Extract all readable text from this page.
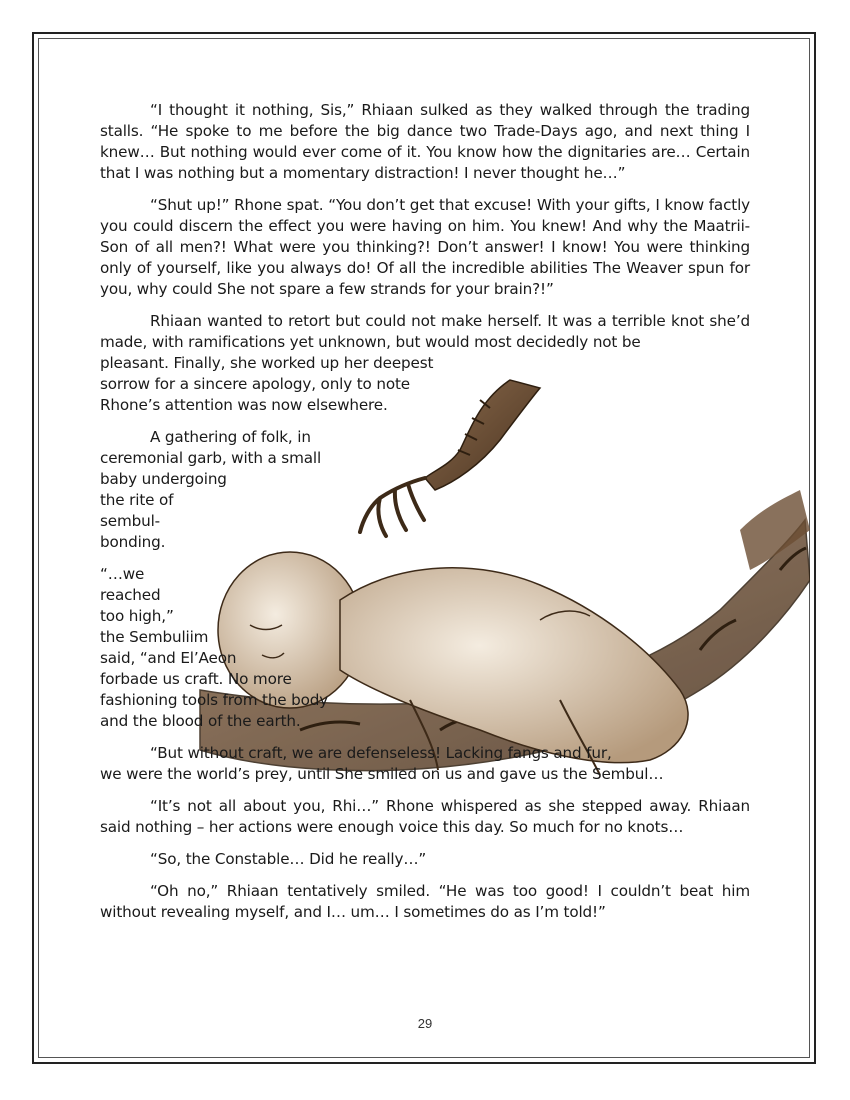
“I thought it nothing, Sis,” Rhiaan sulked as they walked through the trading stalls. “He spoke to me before the big dance two Trade-Days ago, and next thing I knew… But nothing would ever come of it. You know how the dignitaries are… Certain that I was nothing but a momentary distraction! I never thought he…”

“Shut up!” Rhone spat. “You don’t get that excuse! With your gifts, I know factly you could discern the effect you were having on him. You knew! And why the Maatrii-Son of all men?! What were you thinking?! Don’t answer! I know! You were thinking only of yourself, like you always do! Of all the incredible abilities The Weaver spun for you, why could She not spare a few strands for your brain?!”

Rhiaan wanted to retort but could not make herself. It was a terrible knot she’d made, with ramifications yet unknown, but would most decidedly not be

pleasant. Finally, she worked up her deepest
sorrow for a sincere apology, only to note
Rhone’s attention was now elsewhere.
A gathering of folk, in
ceremonial garb, with a small
baby undergoing
the rite of
sembul-
bonding.
“…we
reached
too high,”
the Sembuliim
said, “and El’Aeon
forbade us craft. No more
fashioning tools from the body
and the blood of the earth.
“But without craft, we are defenseless! Lacking fangs and fur,
we were the world’s prey, until She smiled on us and gave us the Sembul…

“It’s not all about you, Rhi…” Rhone whispered as she stepped away. Rhiaan said nothing – her actions were enough voice this day. So much for no knots…

“So, the Constable… Did he really…”

“Oh no,” Rhiaan tentatively smiled. “He was too good! I couldn’t beat him without revealing myself, and I… um… I sometimes do as I’m told!”

29
